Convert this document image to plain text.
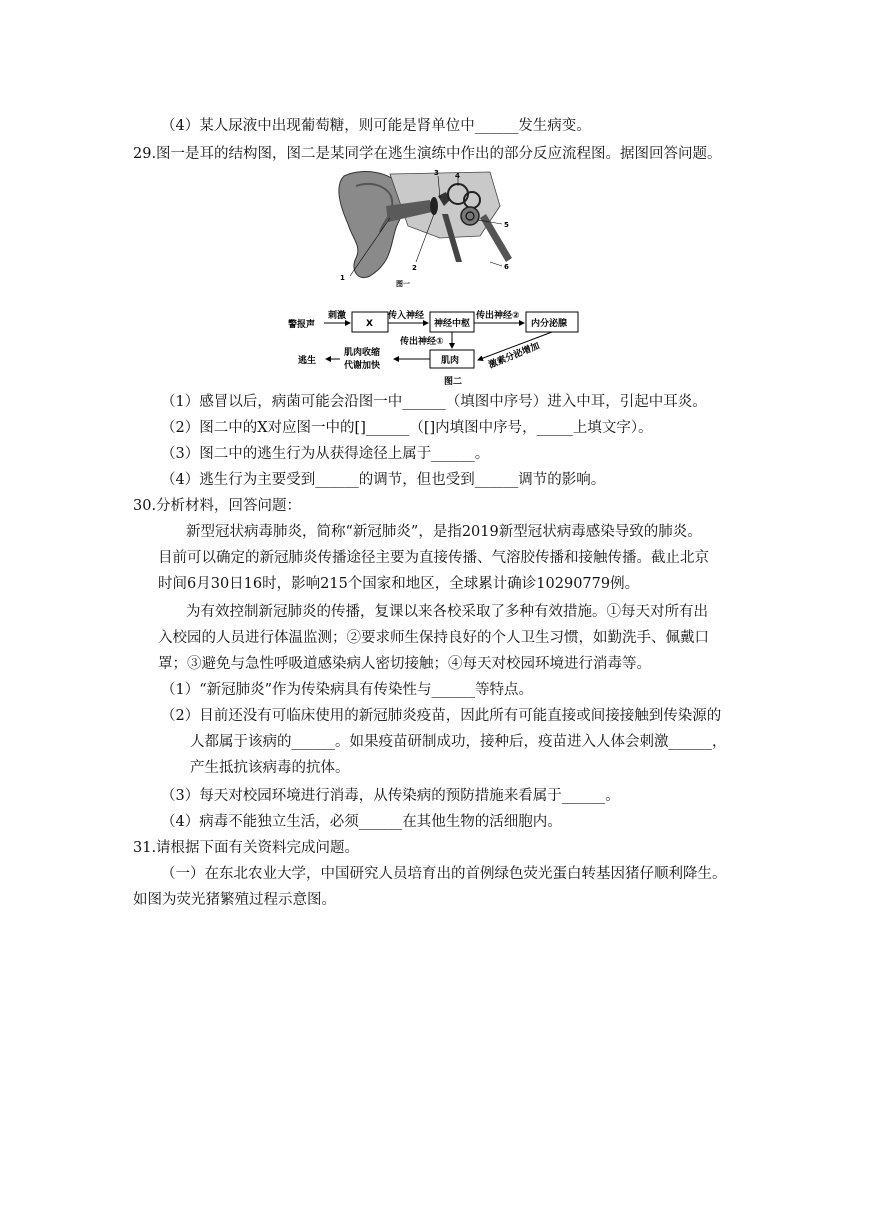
（4）某人尿液中出现葡萄糖，则可能是肾单位中______发生病变。
29.图一是耳的结构图，图二是某同学在逃生演练中作出的部分反应流程图。据图回答问题。
1
2
3 4
5
6
图一
警报声
刺激
X
传入神经
神经中枢
传出神经②
内分泌腺
传出神经①
肌肉	激素分泌增加
肌肉收缩
代谢加快
逃生
图二
（1）感冒以后，病菌可能会沿图一中______（填图中序号）进入中耳，引起中耳炎。
（2）图二中的X对应图一中的[]______（[]内填图中序号，_____上填文字）。
（3）图二中的逃生行为从获得途径上属于______。
（4）逃生行为主要受到______的调节，但也受到______调节的影响。
30.分析材料，回答问题：
新型冠状病毒肺炎，简称“新冠肺炎”，是指2019新型冠状病毒感染导致的肺炎。
目前可以确定的新冠肺炎传播途径主要为直接传播、气溶胶传播和接触传播。截止北京
时间6月30日16时，影响215个国家和地区，全球累计确诊10290779例。
为有效控制新冠肺炎的传播，复课以来各校采取了多种有效措施。①每天对所有出
入校园的人员进行体温监测；②要求师生保持良好的个人卫生习惯，如勤洗手、佩戴口
罩；③避免与急性呼吸道感染病人密切接触；④每天对校园环境进行消毒等。
（1）“新冠肺炎”作为传染病具有传染性与______等特点。
（2）目前还没有可临床使用的新冠肺炎疫苗，因此所有可能直接或间接接触到传染源的
人都属于该病的______。如果疫苗研制成功，接种后，疫苗进入人体会刺激______，
产生抵抗该病毒的抗体。
（3）每天对校园环境进行消毒，从传染病的预防措施来看属于______。
（4）病毒不能独立生活，必须______在其他生物的活细胞内。
31.请根据下面有关资料完成问题。
（一）在东北农业大学，中国研究人员培育出的首例绿色荧光蛋白转基因猪仔顺利降生。
如图为荧光猪繁殖过程示意图。
